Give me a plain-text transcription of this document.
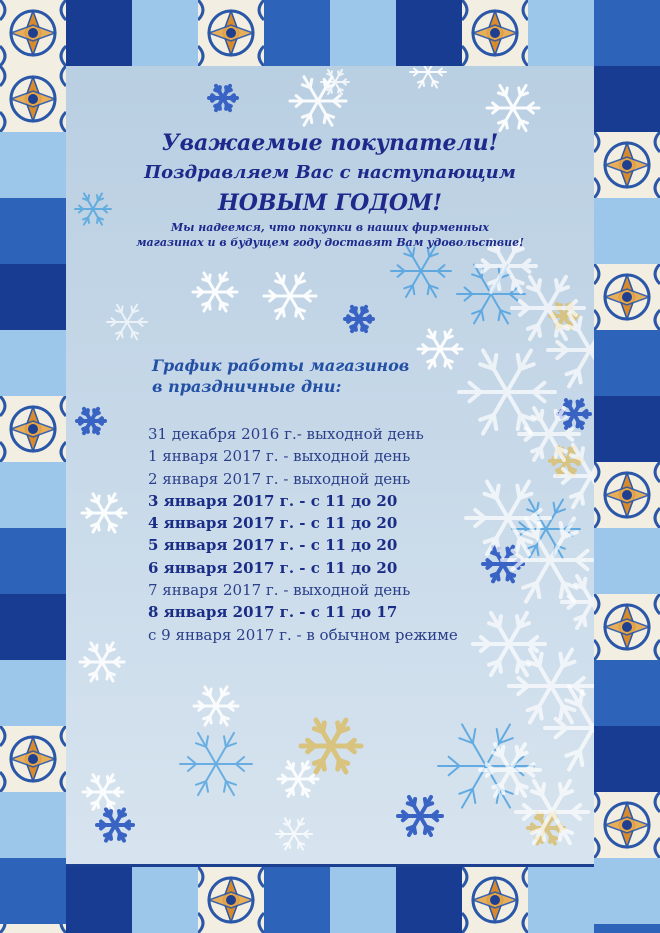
Уважаемые покупатели!
Поздравляем Вас с наступающим
НОВЫМ ГОДОМ!
Мы надеемся, что покупки в наших фирменных
магазинах и в будущем году доставят Вам удовольствие!
График работы магазинов
в праздничные дни:
31 декабря 2016 г.- выходной день
1 января 2017 г. - выходной день
2 января 2017 г. - выходной день
3 января 2017 г. - с 11 до 20
4 января 2017 г. - с 11 до 20
5 января 2017 г. - с 11 до 20
6 января 2017 г. - с 11 до 20
7 января 2017 г. - выходной день
8 января 2017 г. - с 11 до 17
с 9 января 2017 г. - в обычном режиме
